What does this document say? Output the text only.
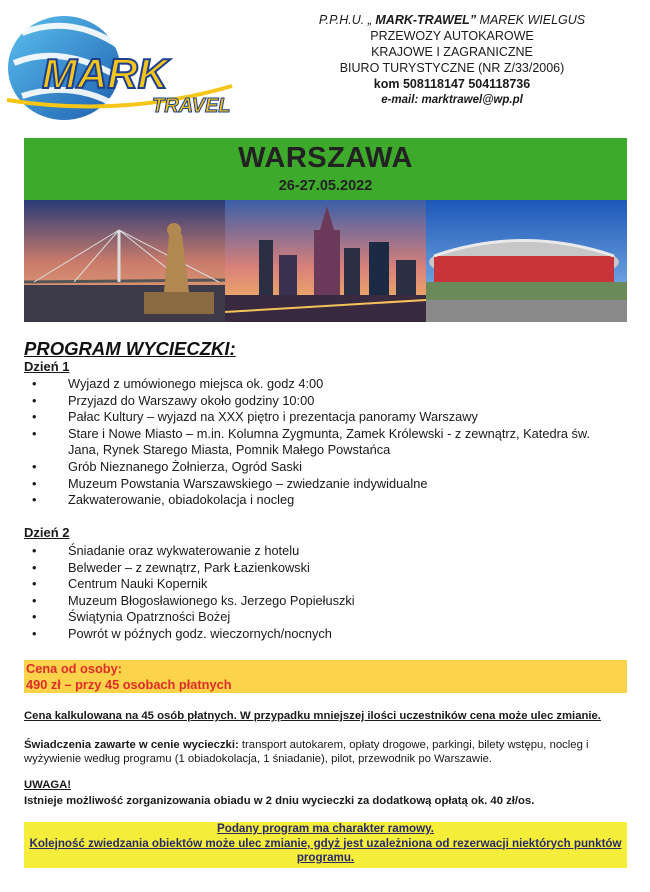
MARK
TRAVEL
P.P.H.U. „ MARK-TRAWEL” MAREK WIELGUS
PRZEWOZY AUTOKAROWE
KRAJOWE I ZAGRANICZNE
BIURO TURYSTYCZNE (NR Z/33/2006)
kom 508118147 504118736
e-mail: marktrawel@wp.pl
WARSZAWA
26-27.05.2022
PROGRAM WYCIECZKI:
Dzień 1
• Wyjazd z umówionego miejsca ok. godz 4:00
• Przyjazd do Warszawy około godziny 10:00
• Pałac Kultury – wyjazd na XXX piętro i prezentacja panoramy Warszawy
• Stare i Nowe Miasto – m.in. Kolumna Zygmunta, Zamek Królewski - z zewnątrz, Katedra św. Jana, Rynek Starego Miasta, Pomnik Małego Powstańca
• Grób Nieznanego Żołnierza, Ogród Saski
• Muzeum Powstania Warszawskiego – zwiedzanie indywidualne
• Zakwaterowanie, obiadokolacja i nocleg
Dzień 2
• Śniadanie oraz wykwaterowanie z hotelu
• Belweder – z zewnątrz, Park Łazienkowski
• Centrum Nauki Kopernik
• Muzeum Błogosławionego ks. Jerzego Popiełuszki
• Świątynia Opatrzności Bożej
• Powrót w późnych godz. wieczornych/nocnych
Cena od osoby:
490 zł – przy 45 osobach płatnych
Cena kalkulowana na 45 osób płatnych. W przypadku mniejszej ilości uczestników cena może ulec zmianie.
Świadczenia zawarte w cenie wycieczki: transport autokarem, opłaty drogowe, parkingi, bilety wstępu, nocleg i wyżywienie według programu (1 obiadokolacja, 1 śniadanie), pilot, przewodnik po Warszawie.
UWAGA!
Istnieje możliwość zorganizowania obiadu w 2 dniu wycieczki za dodatkową opłatą ok. 40 zł/os.
Podany program ma charakter ramowy.
Kolejność zwiedzania obiektów może ulec zmianie, gdyż jest uzależniona od rezerwacji niektórych punktów programu.
